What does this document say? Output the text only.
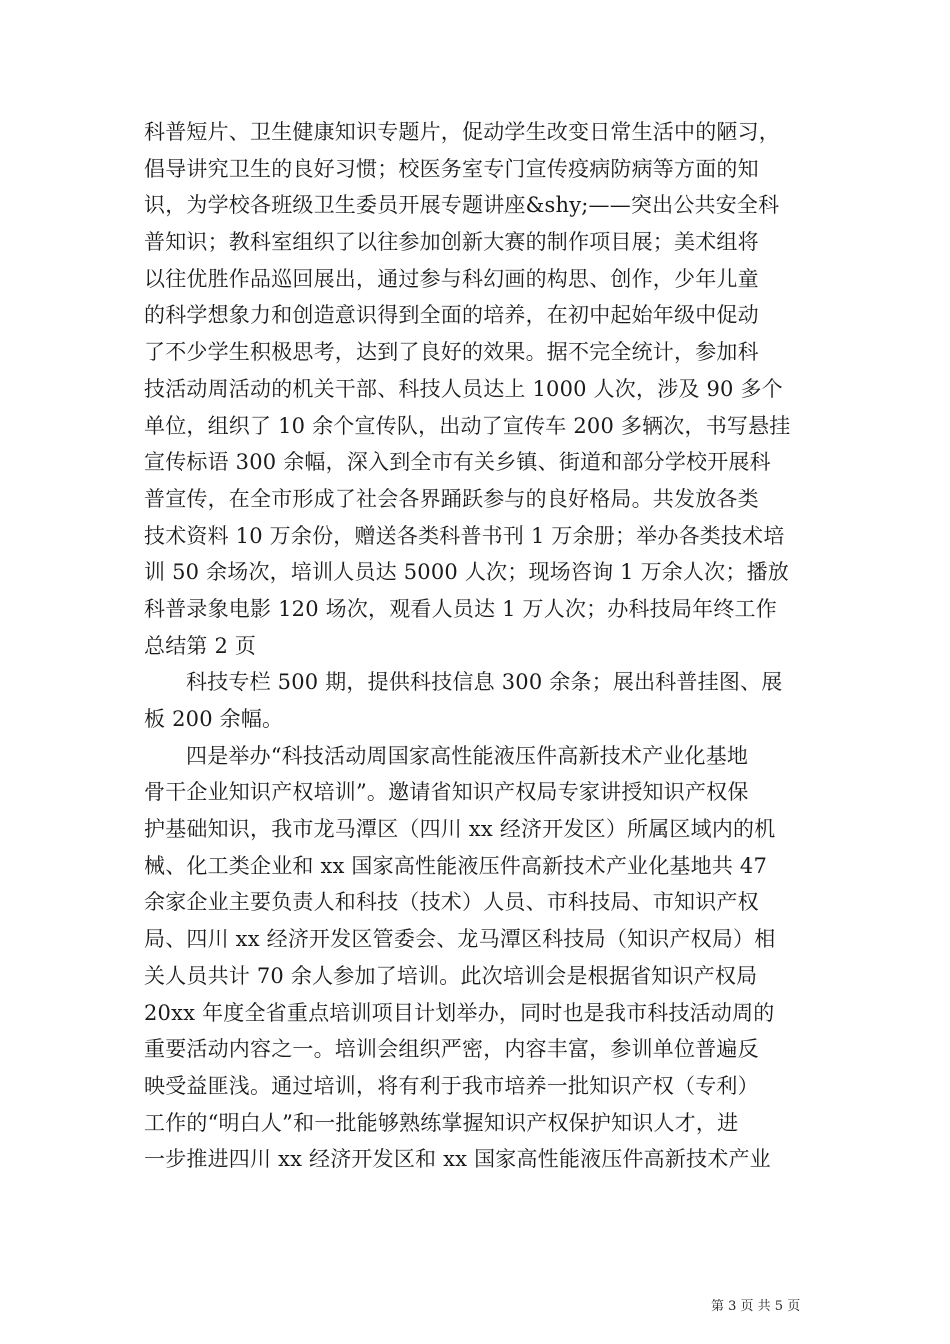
科普短片、卫生健康知识专题片，促动学生改变日常生活中的陋习，
倡导讲究卫生的良好习惯；校医务室专门宣传疫病防病等方面的知
识，为学校各班级卫生委员开展专题讲座&shy;——突出公共安全科
普知识；教科室组织了以往参加创新大赛的制作项目展；美术组将
以往优胜作品巡回展出，通过参与科幻画的构思、创作，少年儿童
的科学想象力和创造意识得到全面的培养，在初中起始年级中促动
了不少学生积极思考，达到了良好的效果。据不完全统计，参加科
技活动周活动的机关干部、科技人员达上 1000 人次，涉及 90 多个
单位，组织了 10 余个宣传队，出动了宣传车 200 多辆次，书写悬挂
宣传标语 300 余幅，深入到全市有关乡镇、街道和部分学校开展科
普宣传，在全市形成了社会各界踊跃参与的良好格局。共发放各类
技术资料 10 万余份，赠送各类科普书刊 1 万余册；举办各类技术培
训 50 余场次，培训人员达 5000 人次；现场咨询 1 万余人次；播放
科普录象电影 120 场次，观看人员达 1 万人次；办科技局年终工作
总结第 2 页
科技专栏 500 期，提供科技信息 300 余条；展出科普挂图、展
板 200 余幅。
四是举办“科技活动周国家高性能液压件高新技术产业化基地
骨干企业知识产权培训”。邀请省知识产权局专家讲授知识产权保
护基础知识，我市龙马潭区（四川 xx 经济开发区）所属区域内的机
械、化工类企业和 xx 国家高性能液压件高新技术产业化基地共 47
余家企业主要负责人和科技（技术）人员、市科技局、市知识产权
局、四川 xx 经济开发区管委会、龙马潭区科技局（知识产权局）相
关人员共计 70 余人参加了培训。此次培训会是根据省知识产权局
20xx 年度全省重点培训项目计划举办，同时也是我市科技活动周的
重要活动内容之一。培训会组织严密，内容丰富，参训单位普遍反
映受益匪浅。通过培训，将有利于我市培养一批知识产权（专利）
工作的“明白人”和一批能够熟练掌握知识产权保护知识人才，进
一步推进四川 xx 经济开发区和 xx 国家高性能液压件高新技术产业
第 3 页 共 5 页
